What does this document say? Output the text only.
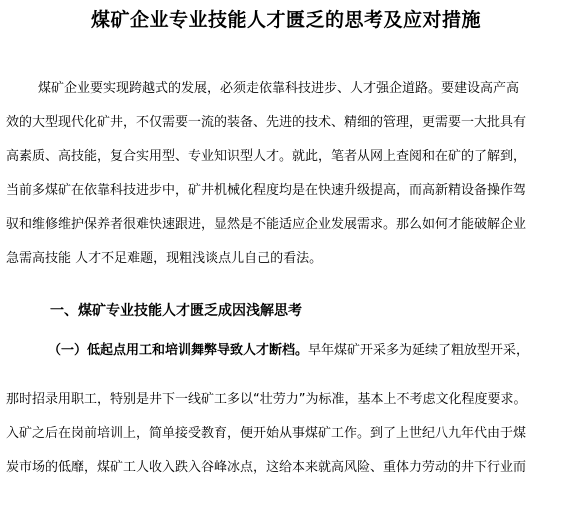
煤矿企业专业技能人才匮乏的思考及应对措施
煤矿企业要实现跨越式的发展，必须走依靠科技进步、人才强企道路。要建设高产高
效的大型现代化矿井，不仅需要一流的装备、先进的技术、精细的管理，更需要一大批具有
高素质、高技能，复合实用型、专业知识型人才。就此，笔者从网上查阅和在矿的了解到，
当前多煤矿在依靠科技进步中，矿井机械化程度均是在快速升级提高，而高新精设备操作驾
驭和维修维护保养者很难快速跟进，显然是不能适应企业发展需求。那么如何才能破解企业
急需高技能 人才不足难题，现粗浅谈点儿自己的看法。
一、煤矿专业技能人才匮乏成因浅解思考
（一）低起点用工和培训舞弊导致人才断档。早年煤矿开采多为延续了粗放型开采，
那时招录用职工，特别是井下一线矿工多以“壮劳力”为标准，基本上不考虑文化程度要求。
入矿之后在岗前培训上，简单接受教育，便开始从事煤矿工作。到了上世纪八九年代由于煤
炭市场的低靡，煤矿工人收入跌入谷峰冰点，这给本来就高风险、重体力劳动的井下行业而
